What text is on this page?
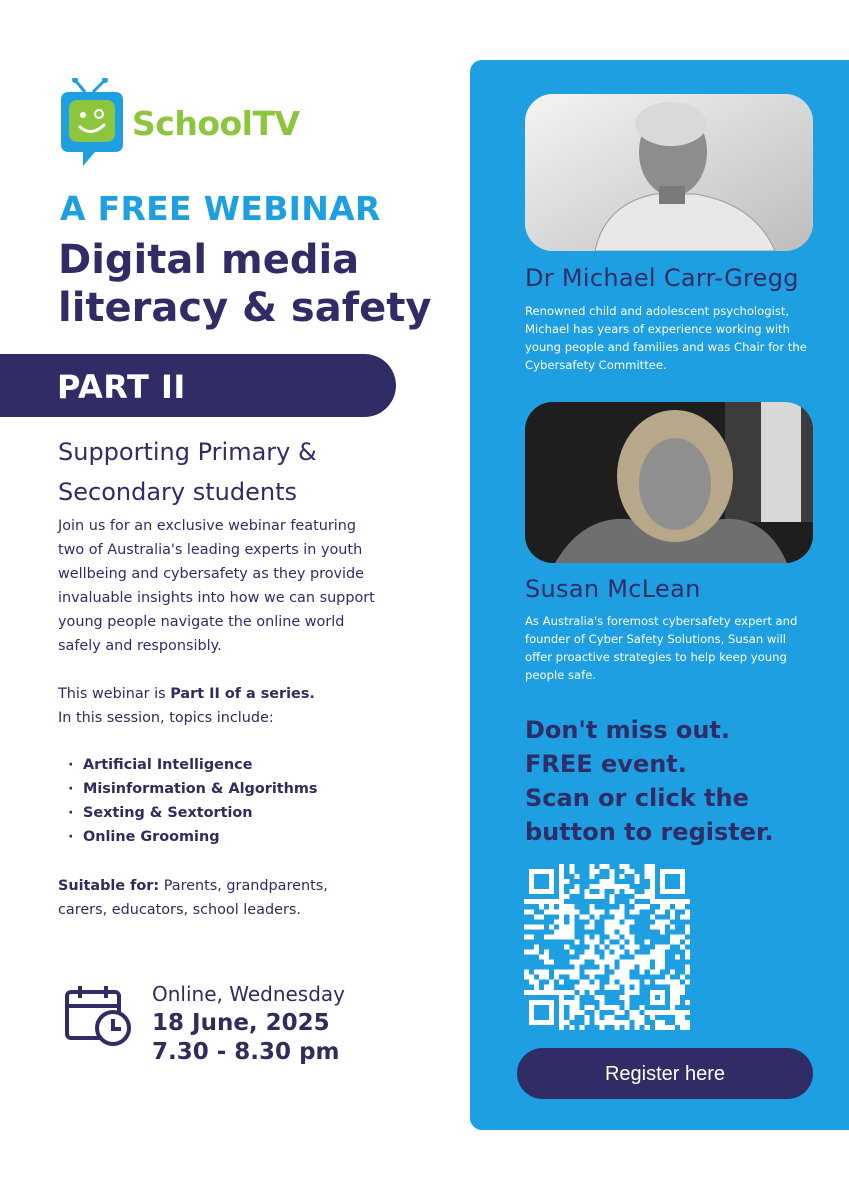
SchoolTV
A FREE WEBINAR
Digital media literacy & safety
PART II
Supporting Primary & Secondary students
Join us for an exclusive webinar featuring two of Australia's leading experts in youth wellbeing and cybersafety as they provide invaluable insights into how we can support young people navigate the online world safely and responsibly.
This webinar is Part II of a series.
In this session, topics include:
· Artificial Intelligence
· Misinformation & Algorithms
· Sexting & Sextortion
· Online Grooming
Suitable for: Parents, grandparents, carers, educators, school leaders.
Online, Wednesday
18 June, 2025
7.30 - 8.30 pm
Dr Michael Carr-Gregg
Renowned child and adolescent psychologist, Michael has years of experience working with young people and families and was Chair for the Cybersafety Committee.
Susan McLean
As Australia's foremost cybersafety expert and founder of Cyber Safety Solutions, Susan will offer proactive strategies to help keep young people safe.
Don't miss out.
FREE event.
Scan or click the
button to register.
Register here
